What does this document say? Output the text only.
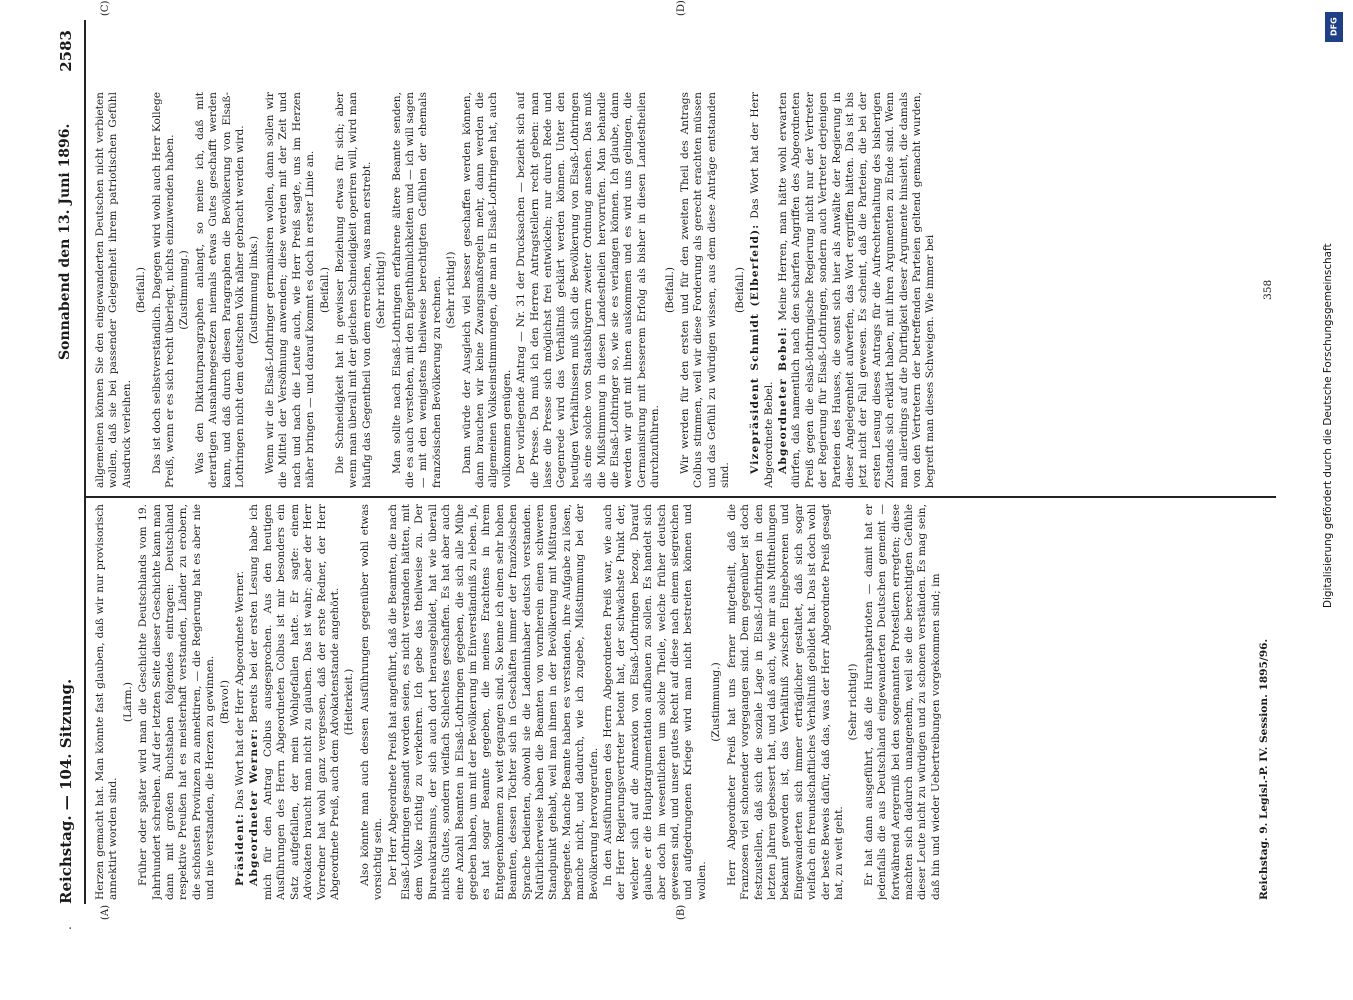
.
Reichstag. — 104. Sitzung.
Sonnabend den 13. Juni 1896.
2583
(A)	(B)
(C)	(D)

Herzen gemacht hat. Man könnte fast glauben, daß wir nur provisorisch annektirt worden sind.

(Lärm.) Früher oder später wird man die Geschichte Deutschlands vom 19. Jahrhundert schreiben. Auf der letzten Seite dieser Geschichte kann man dann mit großen Buchstaben folgendes eintragen: Deutschland respektive Preußen hat es meisterhaft verstanden, Länder zu erobern, die schönsten Provinzen zu annektiren, — die Regierung hat es aber nie und nie verstanden, die Herzen zu gewinnen. (Bravo!)

Präsident: Das Wort hat der Herr Abgeordnete Werner. Abgeordneter Werner: Bereits bei der ersten Lesung habe ich mich für den Antrag Colbus ausgesprochen. Aus den heutigen Ausführungen des Herrn Abgeordneten Colbus ist mir besonders ein Satz aufgefallen, der mein Wohlgefallen hatte. Er sagte: einem Advokaten braucht man nicht zu glauben. Das ist wahr; aber der Herr Vorredner hat wohl ganz vergessen, daß der erste Redner, der Herr Abgeordnete Preiß, auch dem Advokatenstande angehört. (Heiterkeit.) Also könnte man auch dessen Ausführungen gegenüber wohl etwas vorsichtig sein. Der Herr Abgeordnete Preiß hat angeführt, daß die Beamten, die nach Elsaß-Lothringen gesandt worden seien, es nicht verstanden hätten, mit dem Volke richtig zu verkehren. Ich gebe das theilweise zu. Der Bureaukratismus, der sich auch dort herausgebildet, hat wie überall nichts Gutes, sondern vielfach Schlechtes geschaffen. Es hat aber auch eine Anzahl Beamten in Elsaß-Lothringen gegeben, die sich alle Mühe gegeben haben, um mit der Bevölkerung im Einverständniß zu leben. Ja, es hat sogar Beamte gegeben, die meines Erachtens in ihrem Entgegenkommen zu weit gegangen sind. So kenne ich einen sehr hohen Beamten, dessen Töchter sich in Geschäften immer der französischen Sprache bedienten, obwohl sie die Ladeninhaber deutsch verstanden. Natürlicherweise haben die Beamten von vornherein einen schweren Standpunkt gehabt, weil man ihnen in der Bevölkerung mit Mißtrauen begegnete. Manche Beamte haben es verstanden, ihre Aufgabe zu lösen, manche nicht, und dadurch, wie ich zugebe, Mißstimmung bei der Bevölkerung hervorgerufen. In den Ausführungen des Herrn Abgeordneten Preiß war, wie auch der Herr Regierungsvertreter betont hat, der schwächste Punkt der, welcher sich auf die Annexion von Elsaß-Lothringen bezog. Darauf glaube er die Hauptargumentation aufbauen zu sollen. Es handelt sich aber doch im wesentlichen um solche Theile, welche früher deutsch gewesen sind, und unser gutes Recht auf diese nach einem siegreichen und aufgedrungenen Kriege wird man nicht bestreiten können und wollen.

(Zustimmung.) Herr Abgeordneter Preiß hat uns ferner mitgetheilt, daß die Franzosen viel schonender vorgegangen sind. Dem gegenüber ist doch festzustellen, daß sich die soziale Lage in Elsaß-Lothringen in den letzten Jahren gebessert hat, und daß auch, wie mir aus Mittheilungen bekannt geworden ist, das Verhältniß zwischen Eingeborenen und Eingewanderten sich immer erträglicher gestaltet, daß sich sogar vielfach ein freundschaftliches Verhältniß gebildet hat. Das ist doch wohl der beste Beweis dafür, daß das, was der Herr Abgeordnete Preiß gesagt hat, zu weit geht.

(Sehr richtig!) Er hat dann ausgeführt, daß die Hurrahpatrioten — damit hat er jedenfalls die aus Deutschland eingewanderten Deutschen gemeint — fortwährend Aergerniß bei den sogenannten Protestlern erregten; diese machten sich dadurch unangenehm, weil sie die berechtigten Gefühle dieser Leute nicht zu würdigen und zu schonen verständen. Es mag sein, daß hin und wieder Uebertreibungen vorgekommen sind; im

allgemeinen können Sie den eingewanderten Deutschen nicht verbieten wollen, daß sie bei passender Gelegenheit ihrem patriotischen Gefühl Ausdruck verleihen.

(Beifall.) Das ist doch selbstverständlich. Dagegen wird wohl auch Herr Kollege Preiß, wenn er es sich recht überlegt, nichts einzuwenden haben. (Zustimmung.) Was den Diktaturparagraphen anlangt, so meine ich, daß mit derartigen Ausnahmegesetzen niemals etwas Gutes geschafft werden kann, und daß durch diesen Paragraphen die Bevölkerung von Elsaß-Lothringen nicht dem deutschen Volk näher gebracht werden wird. (Zustimmung links.) Wenn wir die Elsaß-Lothringer germanisiren wollen, dann sollen wir die Mittel der Versöhnung anwenden; diese werden mit der Zeit und nach und nach die Leute auch, wie Herr Preiß sagte, uns im Herzen näher bringen — und darauf kommt es doch in erster Linie an. (Beifall.) Die Schneidigkeit hat in gewisser Beziehung etwas für sich; aber wenn man überall mit der gleichen Schneidigkeit operiren will, wird man häufig das Gegentheil von dem erreichen, was man erstrebt. (Sehr richtig!) Man sollte nach Elsaß-Lothringen erfahrene ältere Beamte senden, die es auch verstehen, mit den Eigenthümlichkeiten und — ich will sagen — mit den wenigstens theilweise berechtigten Gefühlen der ehemals französischen Bevölkerung zu rechnen. (Sehr richtig!) Dann würde der Ausgleich viel besser geschaffen werden können, dann brauchen wir keine Zwangsmaßregeln mehr, dann werden die allgemeinen Volkseinstimmungen, die man in Elsaß-Lothringen hat, auch vollkommen genügen. Der vorliegende Antrag — Nr. 31 der Drucksachen — bezieht sich auf die Presse. Da muß ich den Herren Antragstellern recht geben: man lasse die Presse sich möglichst frei entwickeln; nur durch Rede und Gegenrede wird das Verhältniß geklärt werden können. Unter den heutigen Verhältnissen muß sich die Bevölkerung von Elsaß-Lothringen als eine solche von Staatsbürgern zweiter Ordnung ansehen. Das muß die Mißstimmung in diesen Landestheilen hervorrufen. Man behandle die Elsaß-Lothringer so, wie sie es verlangen können. Ich glaube, dann werden wir gut mit ihnen auskommen und es wird uns gelingen, die Germanisirung mit besserem Erfolg als bisher in diesen Landestheilen durchzuführen.

(Beifall.) Wir werden für den ersten und für den zweiten Theil des Antrags Colbus stimmen, weil wir diese Forderung als gerecht erachten müssen und das Gefühl zu würdigen wissen, aus dem diese Anträge entstanden sind.

(Beifall.) Vizepräsident Schmidt (Elberfeld): Das Wort hat der Herr Abgeordnete Bebel. Abgeordneter Bebel: Meine Herren, man hätte wohl erwarten dürfen, daß namentlich nach den scharfen Angriffen des Abgeordneten Preiß gegen die elsaß-lothringische Regierung nicht nur der Vertreter der Regierung für Elsaß-Lothringen, sondern auch Vertreter derjenigen Parteien des Hauses, die sonst sich hier als Anwälte der Regierung in dieser Angelegenheit aufwerfen, das Wort ergriffen hätten. Das ist bis jetzt nicht der Fall gewesen. Es scheint, daß die Parteien, die bei der ersten Lesung dieses Antrags für die Aufrechterhaltung des bisherigen Zustands sich erklärt haben, mit ihren Argumenten zu Ende sind. Wenn man allerdings auf die Dürftigkeit dieser Argumente hinsieht, die damals von den Vertretern der betreffenden Parteien geltend gemacht wurden, begreift man dieses Schweigen. Wie immer bei

Reichstag. 9. Legisl.-P. IV. Session. 1895/96.
358
DFG
Digitalisierung gefördert durch die Deutsche Forschungsgemeinschaft
